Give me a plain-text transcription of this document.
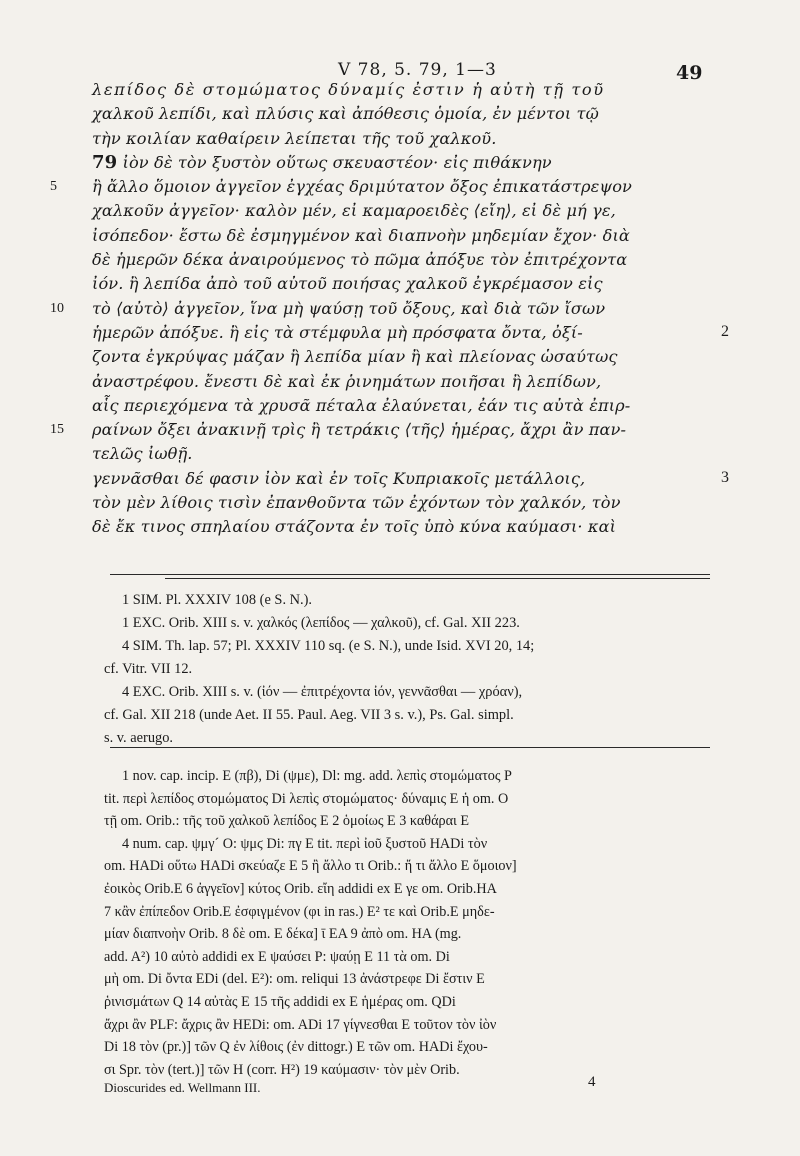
V 78, 5. 79, 1—3	49
λεπίδος δὲ στομώματος δύναμίς ἐστιν ἡ αὐτὴ τῇ τοῦ
χαλκοῦ λεπίδι, καὶ πλύσις καὶ ἀπόθεσις ὁμοία, ἐν μέντοι τῷ
τὴν κοιλίαν καθαίρειν λείπεται τῆς τοῦ χαλκοῦ.
79 ἰὸν δὲ τὸν ξυστὸν οὕτως σκευαστέον· εἰς πιθάκνην
5 ἢ ἄλλο ὅμοιον ἀγγεῖον ἐγχέας δριμύτατον ὄξος ἐπικατάστρεψον
χαλκοῦν ἀγγεῖον· καλὸν μέν, εἰ καμαροειδὲς ⟨εἴη⟩, εἰ δὲ μή γε,
ἰσόπεδον· ἔστω δὲ ἐσμηγμένον καὶ διαπνοὴν μηδεμίαν ἔχον· διὰ
δὲ ἡμερῶν δέκα ἀναιρούμενος τὸ πῶμα ἀπόξυε τὸν ἐπιτρέχοντα
ἰόν. ἢ λεπίδα ἀπὸ τοῦ αὐτοῦ ποιήσας χαλκοῦ ἐγκρέμασον εἰς
10 τὸ ⟨αὐτὸ⟩ ἀγγεῖον, ἵνα μὴ ψαύσῃ τοῦ ὄξους, καὶ διὰ τῶν ἴσων
ἡμερῶν ἀπόξυε. ἢ εἰς τὰ στέμφυλα μὴ πρόσφατα ὄντα, ὀξί-	2
ζοντα ἐγκρύψας μάζαν ἢ λεπίδα μίαν ἢ καὶ πλείονας ὡσαύτως
ἀναστρέφου. ἔνεστι δὲ καὶ ἐκ ῥινημάτων ποιῆσαι ἢ λεπίδων,
αἷς περιεχόμενα τὰ χρυσᾶ πέταλα ἐλαύνεται, ἐάν τις αὐτὰ ἐπιρ-
15 ραίνων ὄξει ἀνακινῇ τρὶς ἢ τετράκις ⟨τῆς⟩ ἡμέρας, ἄχρι ἂν παν-
τελῶς ἰωθῇ.
γεννᾶσθαι δέ φασιν ἰὸν καὶ ἐν τοῖς Κυπριακοῖς μετάλλοις,	3
τὸν μὲν λίθοις τισὶν ἐπανθοῦντα τῶν ἐχόντων τὸν χαλκόν, τὸν
δὲ ἔκ τινος σπηλαίου στάζοντα ἐν τοῖς ὑπὸ κύνα καύμασι· καὶ
1 SIM. Pl. XXXIV 108 (e S. N.).
1 EXC. Orib. XIII s. v. χαλκός (λεπίδος — χαλκοῦ), cf. Gal. XII 223.
4 SIM. Th. lap. 57; Pl. XXXIV 110 sq. (e S. N.), unde Isid. XVI 20, 14;
cf. Vitr. VII 12.
4 EXC. Orib. XIII s. v. (ἰόν — ἐπιτρέχοντα ἰόν, γεννᾶσθαι — χρόαν),
cf. Gal. XII 218 (unde Aet. II 55. Paul. Aeg. VII 3 s. v.), Ps. Gal. simpl.
s. v. aerugo.
1 nov. cap. incip. E (πβ), Di (ψμε), Dl: mg. add. λεπὶς στομώματος P
tit. περὶ λεπίδος στομώματος Di λεπὶς στομώματος· δύναμις E ἡ om. O
τῇ om. Orib.: τῆς τοῦ χαλκοῦ λεπίδος E 2 ὁμοίως E 3 καθάραι E
4 num. cap. ψμγ´ O: ψμϛ Di: πγ E tit. περὶ ἰοῦ ξυστοῦ HADi τὸν
om. HADi οὕτω HADi σκεύαζε E 5 ἢ ἄλλο τι Orib.: ἤ τι ἄλλο E ὅμοιον]
ἐοικὸς Orib.E 6 ἀγγεῖον] κύτος Orib. εἴη addidi ex E γε om. Orib.HA
7 κἂν ἐπίπεδον Orib.E ἐσφιγμένον (φι in ras.) E² τε καὶ Orib.E μηδε-
μίαν διαπνοὴν Orib. 8 δὲ om. E δέκα] ῑ EA 9 ἀπὸ om. HA (mg.
add. A²) 10 αὐτὸ addidi ex E ψαύσει P: ψαύῃ E 11 τὰ om. Di
μὴ om. Di ὄντα EDi (del. E²): om. reliqui 13 ἀνάστρεφε Di ἔστιν E
ῥινισμάτων Q 14 αὐτὰς E 15 τῆς addidi ex E ἡμέρας om. QDi
ἄχρι ἂν PLF: ἄχρις ἂν HEDi: om. ADi 17 γίγνεσθαι E τοῦτον τὸν ἰὸν
Di 18 τὸν (pr.)] τῶν Q ἐν λίθοις (ἐν dittogr.) E τῶν om. HADi ἔχου-
σι Spr. τὸν (tert.)] τῶν H (corr. H²) 19 καύμασιν· τὸν μὲν Orib.
Dioscurides ed. Wellmann III.	4
